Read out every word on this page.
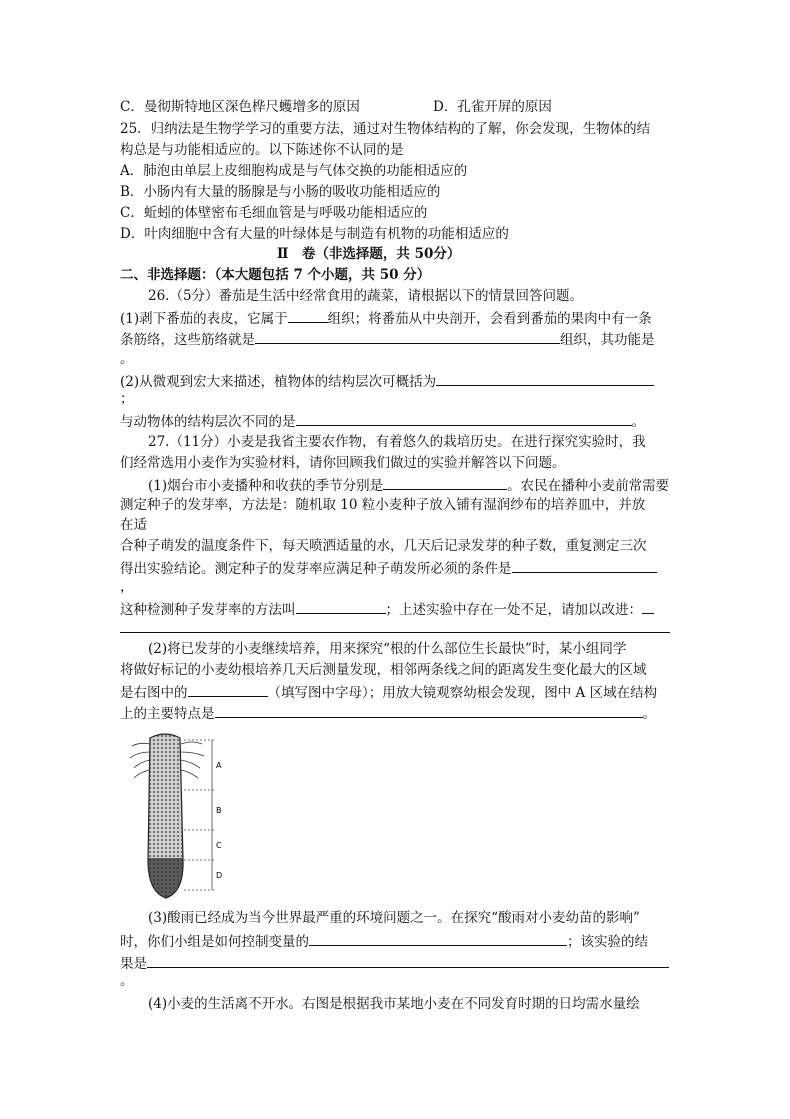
C．曼彻斯特地区深色桦尺蠖增多的原因	D．孔雀开屏的原因
25．归纳法是生物学学习的重要方法，通过对生物体结构的了解，你会发现，生物体的结
构总是与功能相适应的。以下陈述你不认同的是
A．肺泡由单层上皮细胞构成是与气体交换的功能相适应的
B．小肠内有大量的肠腺是与小肠的吸收功能相适应的
C．蚯蚓的体壁密布毛细血管是与呼吸功能相适应的
D．叶肉细胞中含有大量的叶绿体是与制造有机物的功能相适应的
Ⅱ　卷（非选择题，共 50分）
二、非选择题：（本大题包括 7 个小题，共 50 分）
26.（5分）番茄是生活中经常食用的蔬菜，请根据以下的情景回答问题。
(1)剥下番茄的表皮，它属于	组织；将番茄从中央剖开，会看到番茄的果肉中有一条
条筋络，这些筋络就是	组织，其功能是
。
(2)从微观到宏大来描述，植物体的结构层次可概括为
；
与动物体的结构层次不同的是	。
27.（11分）小麦是我省主要农作物，有着悠久的栽培历史。在进行探究实验时，我
们经常选用小麦作为实验材料，请你回顾我们做过的实验并解答以下问题。
(1)烟台市小麦播种和收获的季节分别是	。农民在播种小麦前常需要
测定种子的发芽率，方法是：随机取 10 粒小麦种子放入铺有湿润纱布的培养皿中，并放
在适
合种子萌发的温度条件下，每天喷洒适量的水，几天后记录发芽的种子数，重复测定三次
得出实验结论。测定种子的发芽率应满足种子萌发所必须的条件是
，
这种检测种子发芽率的方法叫	；上述实验中存在一处不足，请加以改进：
(2)将已发芽的小麦继续培养，用来探究“根的什么部位生长最快”时，某小组同学
将做好标记的小麦幼根培养几天后测量发现，相邻两条线之间的距离发生变化最大的区域
是右图中的	（填写图中字母）；用放大镜观察幼根会发现，图中 A 区域在结构
上的主要特点是	。
A
B
C
D
(3)酸雨已经成为当今世界最严重的环境问题之一。在探究“酸雨对小麦幼苗的影响”
时，你们小组是如何控制变量的	；该实验的结
果是
。
(4)小麦的生活离不开水。右图是根据我市某地小麦在不同发育时期的日均需水量绘
